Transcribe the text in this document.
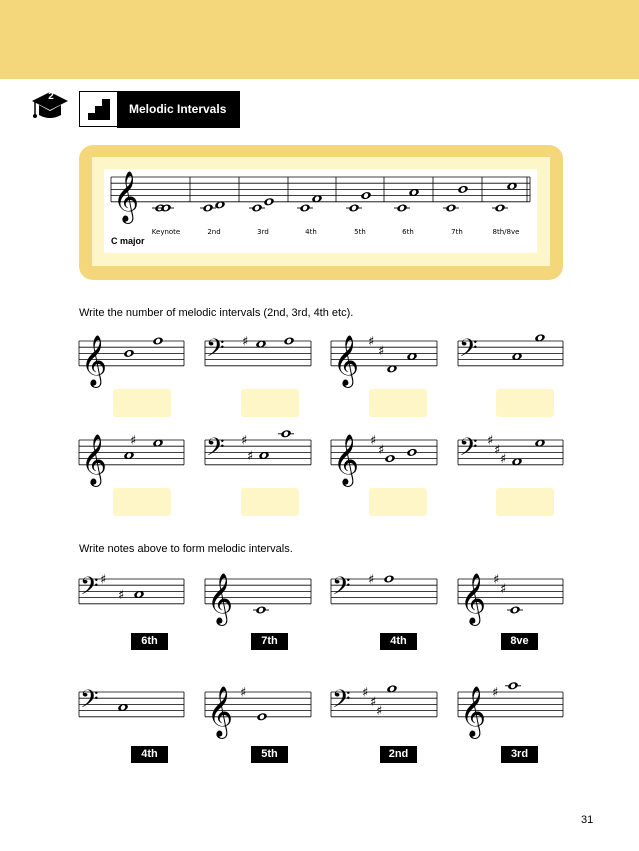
2
Melodic Intervals
𝄞
Keynote	2nd	3rd	4th	5th	6th	7th	8th/8ve
C major
Write the number of melodic intervals (2nd, 3rd, 4th etc).
Write notes above to form melodic intervals.
6th	7th	4th	8ve
4th	5th	2nd	3rd
𝄞	𝄢 ♯ 𝄞 ♯
♯	𝄢
𝄞 ♯ 𝄢 ♯
♯ 𝄞 ♯
♯	𝄢 ♯
♯
♯
𝄢 ♯
♯ 𝄞	𝄢 ♯ 𝄞 ♯
♯
𝄢 𝄞 ♯	𝄢 ♯
♯
♯ 𝄞 ♯
31
